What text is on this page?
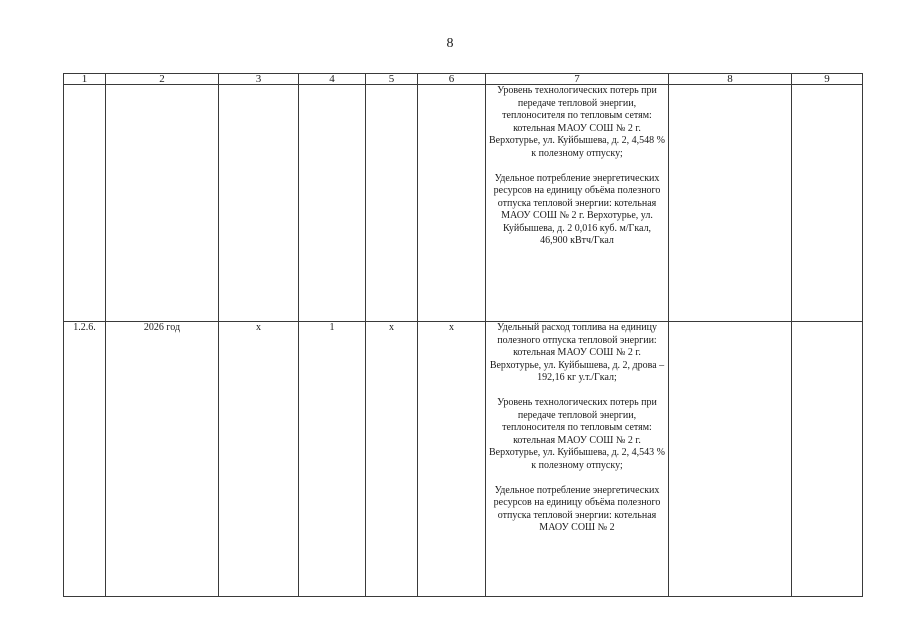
8
1	2	3	4	5	6	7	8	9

						Уровень технологических потерь при передаче тепловой энергии, теплоносителя по тепловым сетям: котельная МАОУ СОШ № 2 г. Верхотурье, ул. Куйбышева, д. 2, 4,548 % к полезному отпуску;
Удельное потребление энергетических ресурсов на единицу объёма полезного отпуска тепловой энергии: котельная МАОУ СОШ № 2 г. Верхотурье, ул. Куйбышева, д. 2 0,016 куб. м/Гкал, 46,900 кВтч/Гкал		

1.2.6.	2026 год	х	1	х	х	Удельный расход топлива на единицу полезного отпуска тепловой энергии: котельная МАОУ СОШ № 2 г. Верхотурье, ул. Куйбышева, д. 2, дрова – 192,16 кг у.т./Гкал;
Уровень технологических потерь при передаче тепловой энергии, теплоносителя по тепловым сетям: котельная МАОУ СОШ № 2 г. Верхотурье, ул. Куйбышева, д. 2, 4,543 % к полезному отпуску;
Удельное потребление энергетических ресурсов на единицу объёма полезного отпуска тепловой энергии: котельная МАОУ СОШ № 2		
